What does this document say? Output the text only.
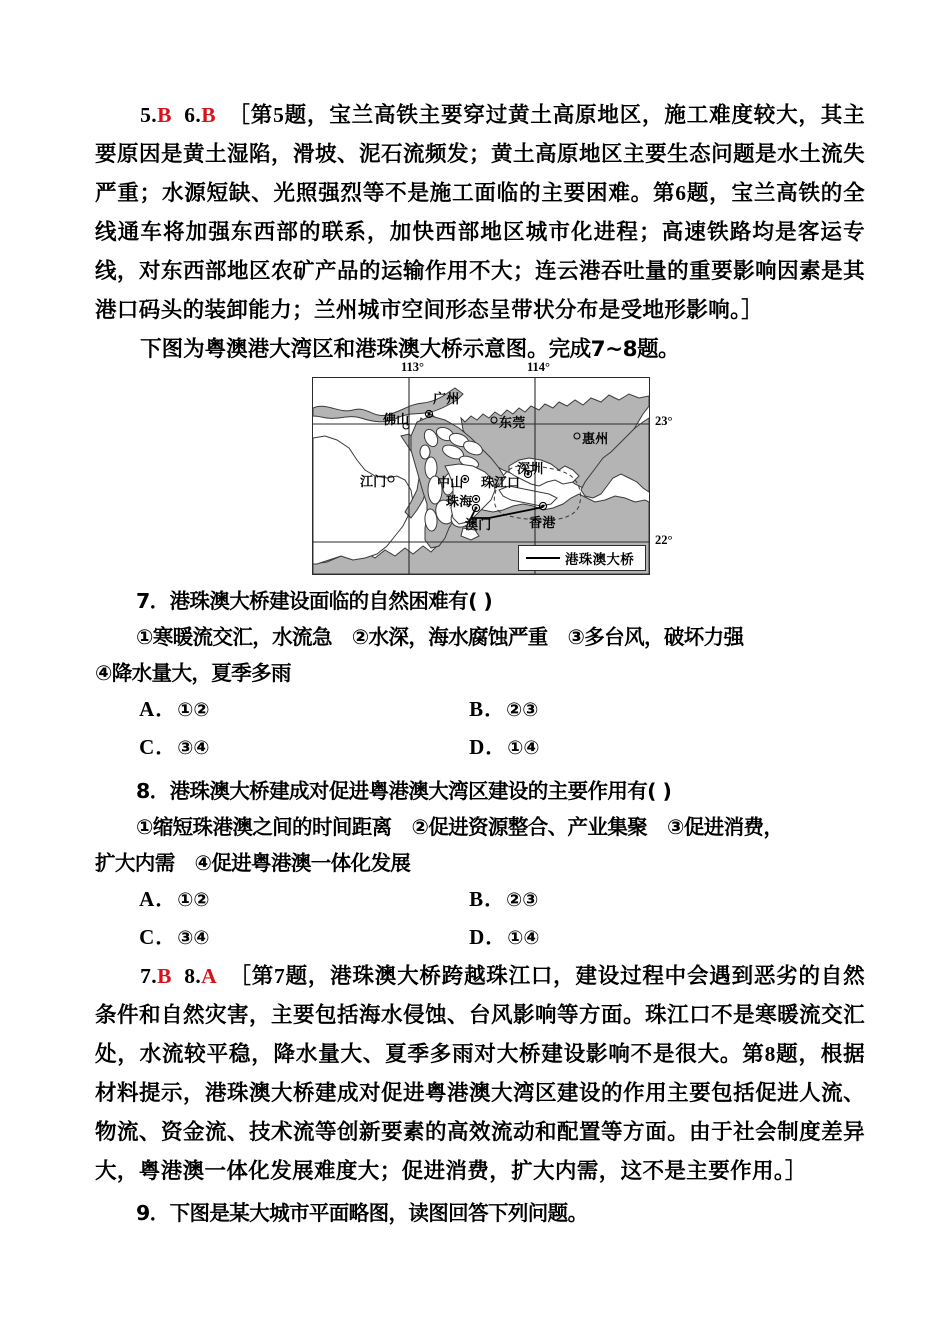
5.B 6.B ［第5题，宝兰高铁主要穿过黄土高原地区，施工难度较大，其主要原因是黄土湿陷，滑坡、泥石流频发；黄土高原地区主要生态问题是水土流失严重；水源短缺、光照强烈等不是施工面临的主要困难。第6题，宝兰高铁的全线通车将加强东西部的联系，加快西部地区城市化进程；高速铁路均是客运专线，对东西部地区农矿产品的运输作用不大；连云港吞吐量的重要影响因素是其港口码头的装卸能力；兰州城市空间形态呈带状分布是受地形影响。］
下图为粤澳港大湾区和港珠澳大桥示意图。完成7~8题。
113°	114°
23°
22°
广州
佛山	东莞
惠州
江门	中山
珠海
澳门
深圳
香港
珠江口
港珠澳大桥
7．港珠澳大桥建设面临的自然困难有( )
①寒暖流交汇，水流急　②水深，海水腐蚀严重　③多台风，破坏力强
④降水量大，夏季多雨
A．①②	B．②③
C．③④	D．①④
8．港珠澳大桥建成对促进粤港澳大湾区建设的主要作用有( )
①缩短珠港澳之间的时间距离　②促进资源整合、产业集聚　③促进消费，
扩大内需　④促进粤港澳一体化发展
A．①②	B．②③
C．③④	D．①④
7.B 8.A ［第7题，港珠澳大桥跨越珠江口，建设过程中会遇到恶劣的自然条件和自然灾害，主要包括海水侵蚀、台风影响等方面。珠江口不是寒暖流交汇处，水流较平稳，降水量大、夏季多雨对大桥建设影响不是很大。第8题，根据材料提示，港珠澳大桥建成对促进粤港澳大湾区建设的作用主要包括促进人流、物流、资金流、技术流等创新要素的高效流动和配置等方面。由于社会制度差异大，粤港澳一体化发展难度大；促进消费，扩大内需，这不是主要作用。］
9．下图是某大城市平面略图，读图回答下列问题。
